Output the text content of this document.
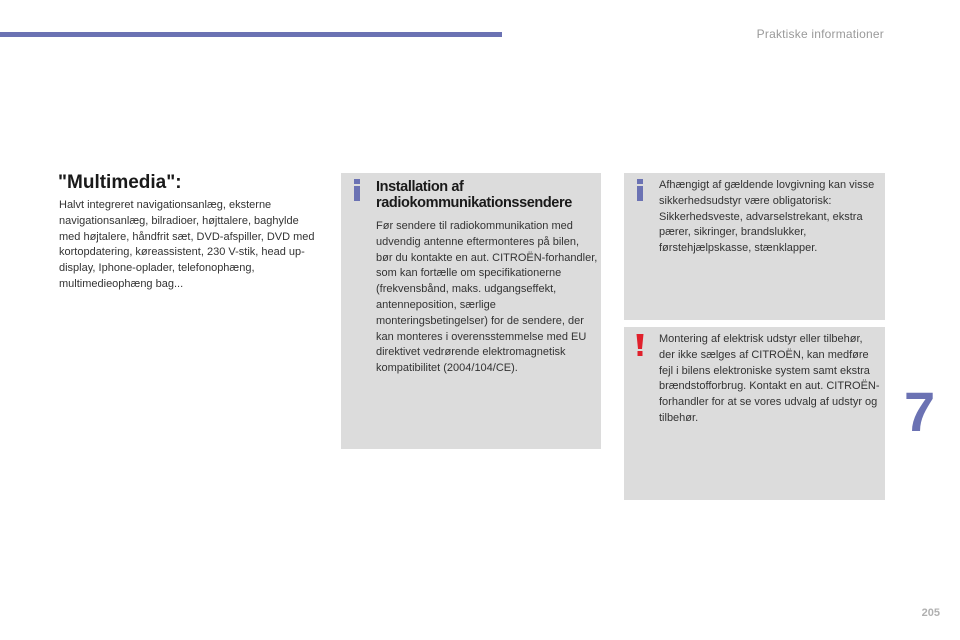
Praktiske informationer
"Multimedia":

Halvt integreret navigationsanlæg, eksterne navigationsanlæg, bilradioer, højttalere, baghylde med højtalere, håndfrit sæt, DVD-afspiller, DVD med kortopdatering, køreassistent, 230 V-stik, head up-display, Iphone-oplader, telefonophæng, multimedieophæng bag...

Installation af radiokommunikationssendere

Før sendere til radiokommunikation med udvendig antenne eftermonteres på bilen, bør du kontakte en aut. CITROËN-forhandler, som kan fortælle om specifikationerne (frekvensbånd, maks. udgangseffekt, antenneposition, særlige monteringsbetingelser) for de sendere, der kan monteres i overensstemmelse med EU direktivet vedrørende elektromagnetisk kompatibilitet (2004/104/CE).

Afhængigt af gældende lovgivning kan visse sikkerhedsudstyr være obligatorisk: Sikkerhedsveste, advarselstrekant, ekstra pærer, sikringer, brandslukker, førstehjælpskasse, stænklapper.

Montering af elektrisk udstyr eller tilbehør, der ikke sælges af CITROËN, kan medføre fejl i bilens elektroniske system samt ekstra brændstofforbrug. Kontakt en aut. CITROËN-forhandler for at se vores udvalg af udstyr og tilbehør.	7
205
